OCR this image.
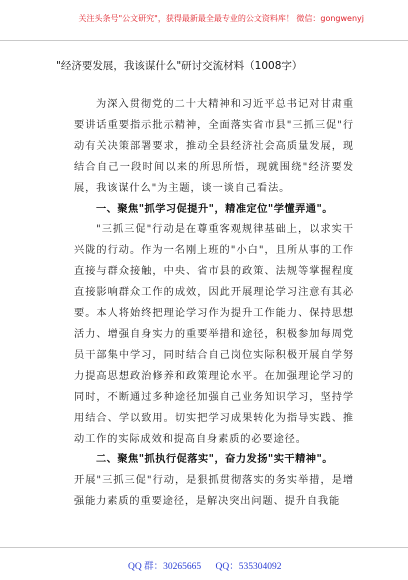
关注头条号"公文研究"，获得最新最全最专业的公文资料库！ 微信：gongwenyj
"经济要发展，我该谋什么"研讨交流材料（1008字）

为深入贯彻党的二十大精神和习近平总书记对甘肃重要讲话重要指示批示精神，全面落实省市县"三抓三促"行动有关决策部署要求，推动全县经济社会高质量发展，现结合自己一段时间以来的所思所悟，现就围绕"经济要发展，我该谋什么"为主题，谈一谈自己看法。

一、聚焦"抓学习促提升"，精准定位"学懂弄通"。

"三抓三促"行动是在尊重客观规律基础上，以求实干兴陇的行动。作为一名刚上班的"小白"，且所从事的工作直接与群众接触，中央、省市县的政策、法规等掌握程度直接影响群众工作的成效，因此开展理论学习注意有其必要。本人将始终把理论学习作为提升工作能力、保持思想活力、增强自身实力的重要举措和途径，积极参加每周党员干部集中学习，同时结合自己岗位实际积极开展自学努力提高思想政治修养和政策理论水平。在加强理论学习的同时，不断通过多种途径加强自己业务知识学习，坚持学用结合、学以致用。切实把学习成果转化为指导实践、推动工作的实际成效和提高自身素质的必要途径。

二、聚焦"抓执行促落实"，奋力发扬"实干精神"。

开展"三抓三促"行动，是狠抓贯彻落实的务实举措，是增强能力素质的重要途径，是解决突出问题、提升自我能

QQ 群：30265665 QQ：535304092
